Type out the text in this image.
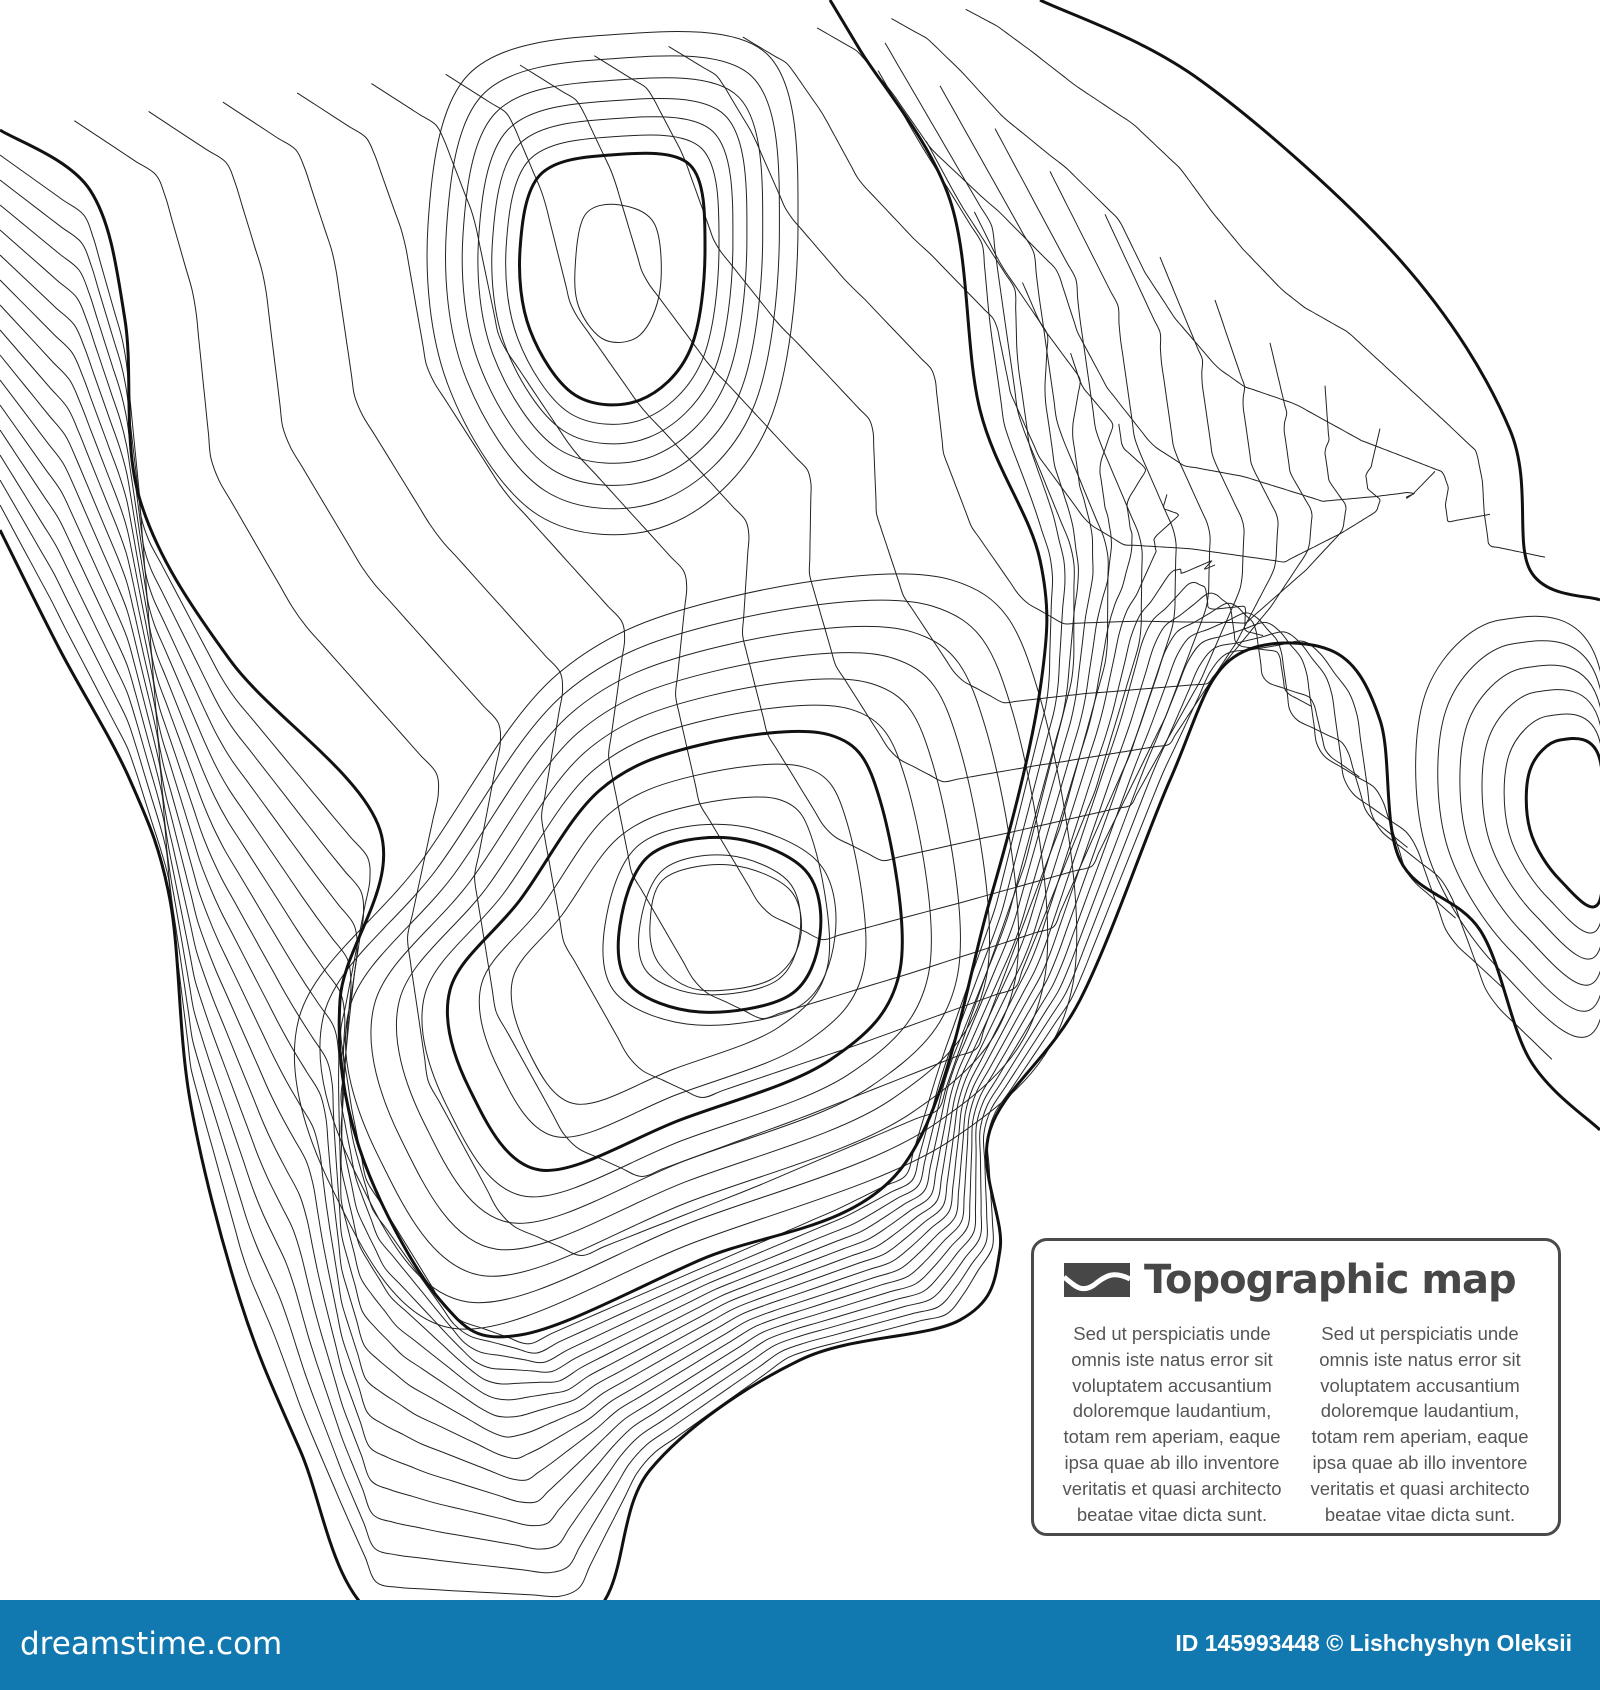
Topographic map
Sed ut perspiciatis unde
omnis iste natus error sit
voluptatem accusantium
doloremque laudantium,
totam rem aperiam, eaque
ipsa quae ab illo inventore
veritatis et quasi architecto
beatae vitae dicta sunt.
Sed ut perspiciatis unde
omnis iste natus error sit
voluptatem accusantium
doloremque laudantium,
totam rem aperiam, eaque
ipsa quae ab illo inventore
veritatis et quasi architecto
beatae vitae dicta sunt.
dreamstime.com	ID 145993448 © Lishchyshyn Oleksii
